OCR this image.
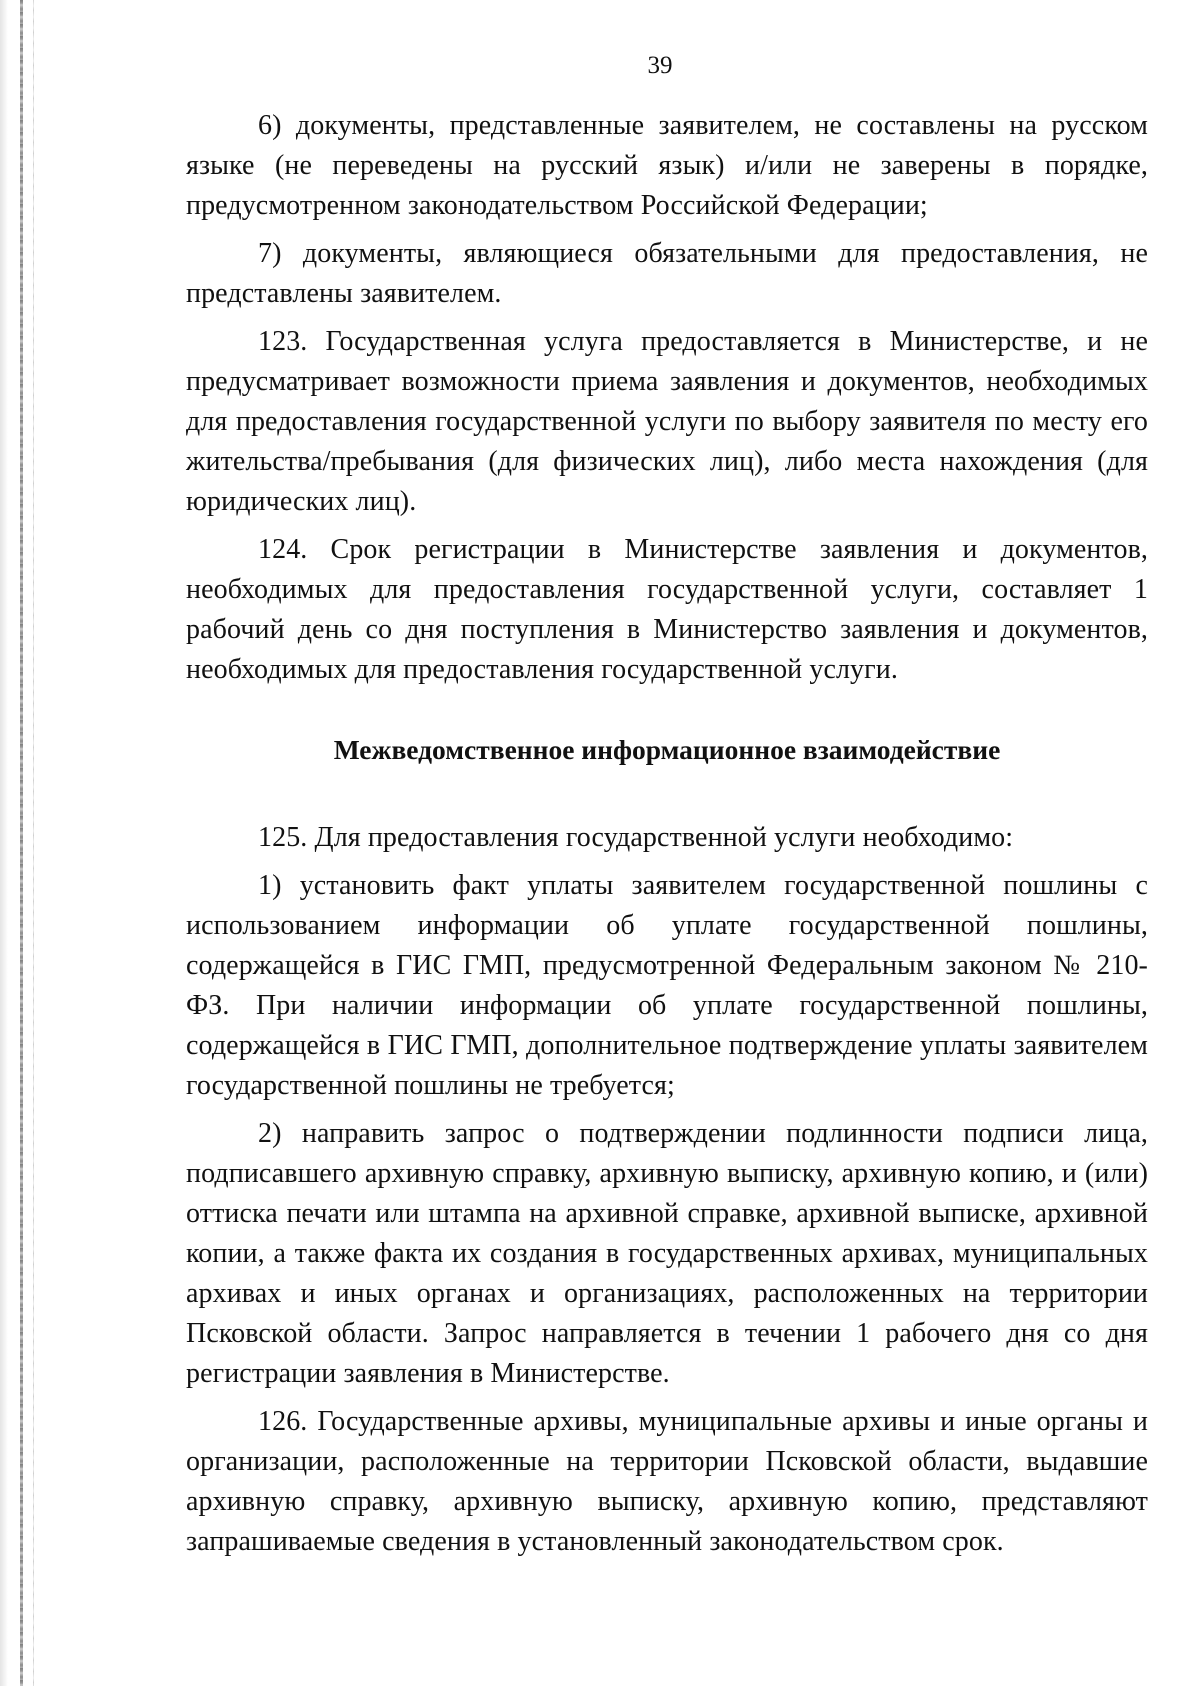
39

6) документы, представленные заявителем, не составлены на русском языке (не переведены на русский язык) и/или не заверены в порядке, предусмотренном законодательством Российской Федерации;

7) документы, являющиеся обязательными для предоставления, не представлены заявителем.

123. Государственная услуга предоставляется в Министерстве, и не предусматривает возможности приема заявления и документов, необходимых для предоставления государственной услуги по выбору заявителя по месту его жительства/пребывания (для физических лиц), либо места нахождения (для юридических лиц).

124. Срок регистрации в Министерстве заявления и документов, необходимых для предоставления государственной услуги, составляет 1 рабочий день со дня поступления в Министерство заявления и документов, необходимых для предоставления государственной услуги.

Межведомственное информационное взаимодействие

125. Для предоставления государственной услуги необходимо:

1) установить факт уплаты заявителем государственной пошлины с использованием информации об уплате государственной пошлины, содержащейся в ГИС ГМП, предусмотренной Федеральным законом № 210-ФЗ. При наличии информации об уплате государственной пошлины, содержащейся в ГИС ГМП, дополнительное подтверждение уплаты заявителем государственной пошлины не требуется;

2) направить запрос о подтверждении подлинности подписи лица, подписавшего архивную справку, архивную выписку, архивную копию, и (или) оттиска печати или штампа на архивной справке, архивной выписке, архивной копии, а также факта их создания в государственных архивах, муниципальных архивах и иных органах и организациях, расположенных на территории Псковской области. Запрос направляется в течении 1 рабочего дня со дня регистрации заявления в Министерстве.

126. Государственные архивы, муниципальные архивы и иные органы и организации, расположенные на территории Псковской области, выдавшие архивную справку, архивную выписку, архивную копию, представляют запрашиваемые сведения в установленный законодательством срок.
